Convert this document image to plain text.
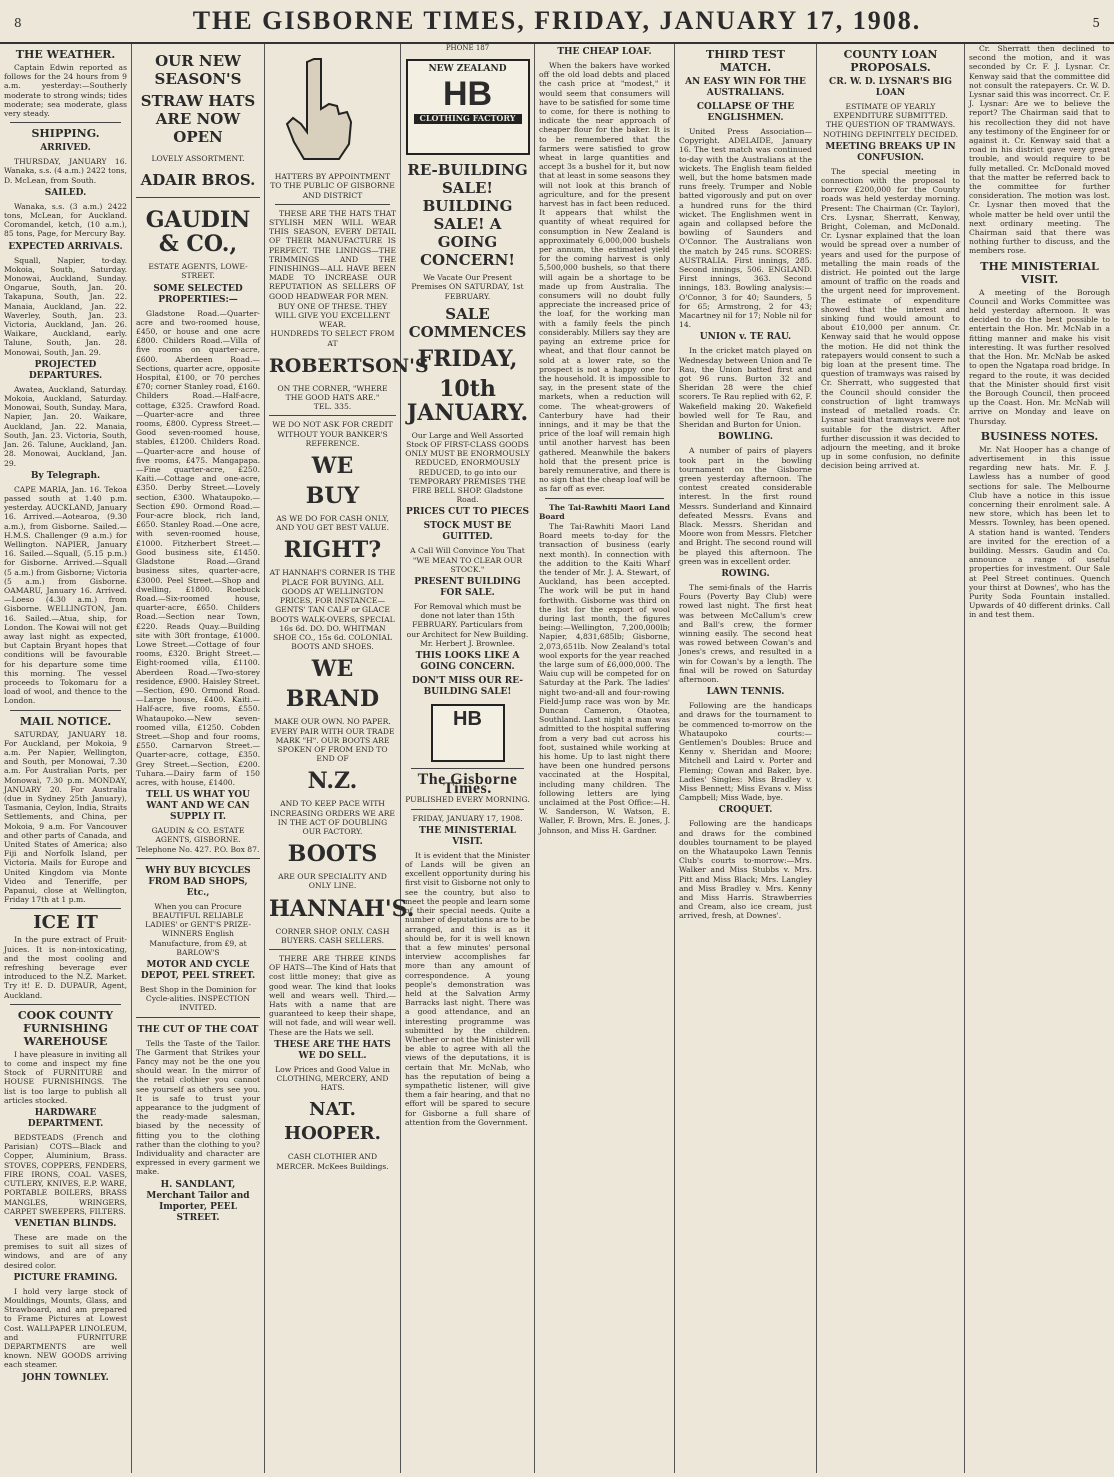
8	THE GISBORNE TIMES, FRIDAY, JANUARY 17, 1908.	5
THE WEATHER.
Captain Edwin reported as follows for the 24 hours from 9 a.m. yesterday:—Southerly moderate to strong winds; tides moderate; sea moderate, glass very steady.
SHIPPING.
ARRIVED.
THURSDAY, JANUARY 16. Wanaka, s.s. (4 a.m.) 2422 tons, D. McLean, from South.
SAILED.
Wanaka, s.s. (3 a.m.) 2422 tons, McLean, for Auckland. Coromandel, ketch, (10 a.m.), 85 tons, Page, for Mercury Bay.
EXPECTED ARRIVALS.
Squall, Napier, to-day. Mokoia, South, Saturday. Monowai, Auckland, Sunday. Ongarue, South, Jan. 20. Takapuna, South, Jan. 22. Manaia, Auckland, Jan. 22. Waverley, South, Jan. 23. Victoria, Auckland, Jan. 26. Waikare, Auckland, early. Talune, South, Jan. 28. Monowai, South, Jan. 29.
PROJECTED DEPARTURES.
Awatea, Auckland, Saturday. Mokoia, Auckland, Saturday. Monowai, South, Sunday. Mara, Napier, Jan. 20. Waikare, Auckland, Jan. 22. Manaia, South, Jan. 23. Victoria, South, Jan. 26. Talune, Auckland, Jan. 28. Monowai, Auckland, Jan. 29.
By Telegraph.
CAPE MARIA, Jan. 16. Tekoa passed south at 1.40 p.m. yesterday. AUCKLAND, January 16. Arrived.—Aotearoa, (9.30 a.m.), from Gisborne. Sailed.—H.M.S. Challenger (9 a.m.) for Wellington. NAPIER, January 16. Sailed.—Squall, (5.15 p.m.) for Gisborne. Arrived.—Squall (5 a.m.) from Gisborne; Victoria (5 a.m.) from Gisborne. OAMARU, January 16. Arrived.—Loeso (4.30 a.m.) from Gisborne. WELLINGTON, Jan. 16. Sailed.—Atua, ship, for London. The Kowai will not get away last night as expected, but Captain Bryant hopes that conditions will be favourable for his departure some time this morning. The vessel proceeds to Tokomaru for a load of wool, and thence to the London.
MAIL NOTICE.
SATURDAY, JANUARY 18. For Auckland, per Mokoia, 9 a.m. Per Napier, Wellington, and South, per Monowai, 7.30 a.m. For Australian Ports, per Monowai, 7.30 p.m. MONDAY, JANUARY 20. For Australia (due in Sydney 25th January), Tasmania, Ceylon, India, Straits Settlements, and China, per Mokoia, 9 a.m. For Vancouver and other parts of Canada, and United States of America; also Fiji and Norfolk Island, per Victoria. Mails for Europe and United Kingdom via Monte Video and Teneriffe, per Papanui, close at Wellington, Friday 17th at 1 p.m.
ICE IT
In the pure extract of Fruit-Juices. It is non-intoxicating, and the most cooling and refreshing beverage ever introduced to the N.Z. Market. Try it! E. D. DUPAUR, Agent, Auckland.
COOK COUNTY FURNISHING WAREHOUSE
I have pleasure in inviting all to come and inspect my fine Stock of FURNITURE and HOUSE FURNISHINGS. The list is too large to publish all articles stocked.
HARDWARE DEPARTMENT.
BEDSTEADS (French and Parisian) COTS—Black and Copper, Aluminium, Brass. STOVES, COPPERS, FENDERS, FIRE IRONS, COAL VASES, CUTLERY, KNIVES, E.P. WARE, PORTABLE BOILERS, BRASS MANGLES, WRINGERS, CARPET SWEEPERS, FILTERS.
VENETIAN BLINDS.
These are made on the premises to suit all sizes of windows, and are of any desired color.
PICTURE FRAMING.
I hold very large stock of Mouldings, Mounts, Glass, and Strawboard, and am prepared to Frame Pictures at Lowest Cost. WALLPAPER LINOLEUM, and FURNITURE DEPARTMENTS are well known. NEW GOODS arriving each steamer.
JOHN TOWNLEY.
OUR NEW SEASON'S
STRAW HATS ARE NOW OPEN
LOVELY ASSORTMENT.
ADAIR BROS.
GAUDIN & CO.,
ESTATE AGENTS, LOWE-STREET.
SOME SELECTED PROPERTIES:—
Gladstone Road.—Quarter-acre and two-roomed house, £450, or house and one acre £800. Childers Road.—Villa of five rooms on quarter-acre, £600. Aberdeen Road.—Sections, quarter acre, opposite Hospital, £100, or 70 perches £70; corner Stanley road, £160. Childers Road.—Half-acre, cottage, £325. Crawford Road.—Quarter-acre and three rooms, £800. Cypress Street.—Good seven-roomed house, stables, £1200. Childers Road.—Quarter-acre and house of five rooms, £475. Mangapapa.—Fine quarter-acre, £250. Kaiti.—Cottage and one-acre, £350. Derby Street.—Lovely section, £300. Whataupoko.—Section £90. Ormond Road.—Four-acre block, rich land, £650. Stanley Road.—One acre, with seven-roomed house, £1000. Fitzherbert Street.—Good business site, £1450. Gladstone Road.—Grand business sites, quarter-acre, £3000. Peel Street.—Shop and dwelling, £1800. Roebuck Road.—Six-roomed house, quarter-acre, £650. Childers Road.—Section near Town, £220. Reads Quay.—Building site with 30ft frontage, £1000. Lowe Street.—Cottage of four rooms, £320. Bright Street.—Eight-roomed villa, £1100. Aberdeen Road.—Two-storey residence, £900. Haisley Street.—Section, £90. Ormond Road.—Large house, £400. Kaiti.—Half-acre, five rooms, £550. Whataupoko.—New seven-roomed villa, £1250. Cobden Street.—Shop and four rooms, £550. Carnarvon Street.—Quarter-acre, cottage, £350. Grey Street.—Section, £200. Tuhara.—Dairy farm of 150 acres, with house, £1400.
TELL US WHAT YOU WANT AND WE CAN SUPPLY IT.
GAUDIN & CO. ESTATE AGENTS, GISBORNE. Telephone No. 427. P.O. Box 87.
WHY BUY BICYCLES FROM BAD SHOPS, Etc.,
When you can Procure BEAUTIFUL RELIABLE LADIES' or GENT'S PRIZE-WINNERS English Manufacture, from £9, at BARLOW'S
MOTOR AND CYCLE DEPOT, PEEL STREET.
Best Shop in the Dominion for Cycle-alities. INSPECTION INVITED.
THE CUT OF THE COAT
Tells the Taste of the Tailor. The Garment that Strikes your Fancy may not be the one you should wear. In the mirror of the retail clothier you cannot see yourself as others see you. It is safe to trust your appearance to the judgment of the ready-made salesman, biased by the necessity of fitting you to the clothing rather than the clothing to you? Individuality and character are expressed in every garment we make.
H. SANDLANT, Merchant Tailor and Importer, PEEL STREET.
HATTERS BY APPOINTMENT TO THE PUBLIC OF GISBORNE AND DISTRICT
THESE ARE THE HATS THAT STYLISH MEN WILL WEAR THIS SEASON, EVERY DETAIL OF THEIR MANUFACTURE IS PERFECT. THE LININGS—THE TRIMMINGS AND THE FINISHINGS—ALL HAVE BEEN MADE TO INCREASE OUR REPUTATION AS SELLERS OF GOOD HEADWEAR FOR MEN.
BUY ONE OF THESE. THEY WILL GIVE YOU EXCELLENT WEAR.
HUNDREDS TO SELECT FROM AT
ROBERTSON'S
ON THE CORNER, "WHERE THE GOOD HATS ARE."
TEL. 335.
WE DO NOT ASK FOR CREDIT WITHOUT YOUR BANKER'S REFERENCE.
WE
BUY
AS WE DO FOR CASH ONLY, AND YOU GET BEST VALUE.
RIGHT?
AT HANNAH'S CORNER IS THE PLACE FOR BUYING. ALL GOODS AT WELLINGTON PRICES, FOR INSTANCE— GENTS' TAN CALF or GLACE BOOTS WALK-OVERS, SPECIAL 16s 6d. DO. DO. WHITMAN SHOE CO., 15s 6d. COLONIAL BOOTS AND SHOES.
WE
BRAND
MAKE OUR OWN. NO PAPER. EVERY PAIR WITH OUR TRADE MARK "H". OUR BOOTS ARE SPOKEN OF FROM END TO END OF
N.Z.
AND TO KEEP PACE WITH INCREASING ORDERS WE ARE IN THE ACT OF DOUBLING OUR FACTORY.
BOOTS
ARE OUR SPECIALITY AND ONLY LINE.
HANNAH'S.
CORNER SHOP. ONLY. CASH BUYERS. CASH SELLERS.
THERE ARE THREE KINDS OF HATS—The Kind of Hats that cost little money; that give as good wear. The kind that looks well and wears well. Third.—Hats with a name that are guaranteed to keep their shape, will not fade, and will wear well. These are the Hats we sell.
THESE ARE THE HATS WE DO SELL.
Low Prices and Good Value in CLOTHING, MERCERY, AND HATS.
NAT. HOOPER.
CASH CLOTHIER AND MERCER. McKees Buildings.
PHONE 187
NEW ZEALAND
HB
CLOTHING FACTORY
RE-BUILDING SALE! BUILDING SALE! A GOING CONCERN!
We Vacate Our Present Premises ON SATURDAY, 1st FEBRUARY.
SALE COMMENCES
FRIDAY,
10th JANUARY.
Our Large and Well Assorted Stock OF FIRST-CLASS GOODS ONLY MUST BE ENORMOUSLY REDUCED, ENORMOUSLY REDUCED, to go into our TEMPORARY PREMISES THE FIRE BELL SHOP. Gladstone Road.
PRICES CUT TO PIECES
STOCK MUST BE GUITTED.
A Call Will Convince You That "WE MEAN TO CLEAR OUR STOCK."
PRESENT BUILDING FOR SALE.
For Removal which must be done not later than 15th FEBRUARY. Particulars from our Architect for New Building. Mr. Herbert J. Brownlee.
THIS LOOKS LIKE A GOING CONCERN.
DON'T MISS OUR RE-BUILDING SALE!
HB
The Gisborne Times.
PUBLISHED EVERY MORNING.
FRIDAY, JANUARY 17, 1908.
THE MINISTERIAL VISIT.
It is evident that the Minister of Lands will be given an excellent opportunity during his first visit to Gisborne not only to see the country, but also to meet the people and learn some of their special needs. Quite a number of deputations are to be arranged, and this is as it should be, for it is well known that a few minutes' personal interview accomplishes far more than any amount of correspondence. A young people's demonstration was held at the Salvation Army Barracks last night. There was a good attendance, and an interesting programme was submitted by the children. Whether or not the Minister will be able to agree with all the views of the deputations, it is certain that Mr. McNab, who has the reputation of being a sympathetic listener, will give them a fair hearing, and that no effort will be spared to secure for Gisborne a full share of attention from the Government.
THE CHEAP LOAF.
When the bakers have worked off the old load debts and placed the cash price at "modest," it would seem that consumers will have to be satisfied for some time to come, for there is nothing to indicate the near approach of cheaper flour for the baker. It is to be remembered that the farmers were satisfied to grow wheat in large quantities and accept 3s a bushel for it, but now that at least in some seasons they will not look at this branch of agriculture, and for the present harvest has in fact been reduced. It appears that whilst the quantity of wheat required for consumption in New Zealand is approximately 6,000,000 bushels per annum, the estimated yield for the coming harvest is only 5,500,000 bushels, so that there will again be a shortage to be made up from Australia. The consumers will no doubt fully appreciate the increased price of the loaf, for the working man with a family feels the pinch considerably. Millers say they are paying an extreme price for wheat, and that flour cannot be sold at a lower rate, so the prospect is not a happy one for the household. It is impossible to say, in the present state of the markets, when a reduction will come. The wheat-growers of Canterbury have had their innings, and it may be that the price of the loaf will remain high until another harvest has been gathered. Meanwhile the bakers hold that the present price is barely remunerative, and there is no sign that the cheap loaf will be as far off as ever.
The Tai-Rawhiti Maori Land Board
The Tai-Rawhiti Maori Land Board meets to-day for the transaction of business (early next month). In connection with the addition to the Kaiti Wharf the tender of Mr. J. A. Stewart, of Auckland, has been accepted. The work will be put in hand forthwith. Gisborne was third on the list for the export of wool during last month, the figures being:—Wellington, 7,200,000lb; Napier, 4,831,685lb; Gisborne, 2,073,651lb. Now Zealand's total wool exports for the year reached the large sum of £6,000,000. The Waiu cup will be competed for on Saturday at the Park. The ladies' night two-and-all and four-rowing Field-Jump race was won by Mr. Duncan Cameron, Otaotea, Southland. Last night a man was admitted to the hospital suffering from a very bad cut across his foot, sustained while working at his home. Up to last night there have been one hundred persons vaccinated at the Hospital, including many children. The following letters are lying unclaimed at the Post Office:—H. W. Sanderson, W. Watson, E. Waller, F. Brown, Mrs. E. Jones, J. Johnson, and Miss H. Gardner.
THIRD TEST MATCH.
AN EASY WIN FOR THE AUSTRALIANS.
COLLAPSE OF THE ENGLISHMEN.
United Press Association—Copyright. ADELAIDE, January 16. The test match was continued to-day with the Australians at the wickets. The English team fielded well, but the home batsmen made runs freely. Trumper and Noble batted vigorously and put on over a hundred runs for the third wicket. The Englishmen went in again and collapsed before the bowling of Saunders and O'Connor. The Australians won the match by 245 runs. SCORES: AUSTRALIA. First innings, 285. Second innings, 506. ENGLAND. First innings, 363. Second innings, 183. Bowling analysis:—O'Connor, 3 for 40; Saunders, 5 for 65; Armstrong, 2 for 43; Macartney nil for 17; Noble nil for 14.
UNION v. TE RAU.
In the cricket match played on Wednesday between Union and Te Rau, the Union batted first and got 96 runs. Burton 32 and Sheridan 28 were the chief scorers. Te Rau replied with 62, F. Wakefield making 20. Wakefield bowled well for Te Rau, and Sheridan and Burton for Union.
BOWLING.
A number of pairs of players took part in the bowling tournament on the Gisborne green yesterday afternoon. The contest created considerable interest. In the first round Messrs. Sunderland and Kinnaird defeated Messrs. Evans and Black. Messrs. Sheridan and Moore won from Messrs. Fletcher and Bright. The second round will be played this afternoon. The green was in excellent order.
ROWING.
The semi-finals of the Harris Fours (Poverty Bay Club) were rowed last night. The first heat was between McCallum's crew and Ball's crew, the former winning easily. The second heat was rowed between Cowan's and Jones's crews, and resulted in a win for Cowan's by a length. The final will be rowed on Saturday afternoon.
LAWN TENNIS.
Following are the handicaps and draws for the tournament to be commenced to-morrow on the Whataupoko courts:—Gentlemen's Doubles: Bruce and Kenny v. Sheridan and Moore; Mitchell and Laird v. Porter and Fleming; Cowan and Baker, bye. Ladies' Singles: Miss Bradley v. Miss Bennett; Miss Evans v. Miss Campbell; Miss Wade, bye.
CROQUET.
Following are the handicaps and draws for the combined doubles tournament to be played on the Whataupoko Lawn Tennis Club's courts to-morrow:—Mrs. Walker and Miss Stubbs v. Mrs. Pitt and Miss Black; Mrs. Langley and Miss Bradley v. Mrs. Kenny and Miss Harris. Strawberries and Cream, also ice cream, just arrived, fresh, at Downes'.
COUNTY LOAN PROPOSALS.
CR. W. D. LYSNAR'S BIG LOAN
ESTIMATE OF YEARLY EXPENDITURE SUBMITTED.
THE QUESTION OF TRAMWAYS.
NOTHING DEFINITELY DECIDED.
MEETING BREAKS UP IN CONFUSION.
The special meeting in connection with the proposal to borrow £200,000 for the County roads was held yesterday morning. Present: The Chairman (Cr. Taylor), Crs. Lysnar, Sherratt, Kenway, Bright, Coleman, and McDonald. Cr. Lysnar explained that the loan would be spread over a number of years and used for the purpose of metalling the main roads of the district. He pointed out the large amount of traffic on the roads and the urgent need for improvement. The estimate of expenditure showed that the interest and sinking fund would amount to about £10,000 per annum. Cr. Kenway said that he would oppose the motion. He did not think the ratepayers would consent to such a big loan at the present time. The question of tramways was raised by Cr. Sherratt, who suggested that the Council should consider the construction of light tramways instead of metalled roads. Cr. Lysnar said that tramways were not suitable for the district. After further discussion it was decided to adjourn the meeting, and it broke up in some confusion, no definite decision being arrived at.
Cr. Sherratt then declined to second the motion, and it was seconded by Cr. F. J. Lysnar. Cr. Kenway said that the committee did not consult the ratepayers. Cr. W. D. Lysnar said this was incorrect. Cr. F. J. Lysnar: Are we to believe the report? The Chairman said that to his recollection they did not have any testimony of the Engineer for or against it. Cr. Kenway said that a road in his district gave very great trouble, and would require to be fully metalled. Cr. McDonald moved that the matter be referred back to the committee for further consideration. The motion was lost. Cr. Lysnar then moved that the whole matter be held over until the next ordinary meeting. The Chairman said that there was nothing further to discuss, and the members rose.
THE MINISTERIAL VISIT.
A meeting of the Borough Council and Works Committee was held yesterday afternoon. It was decided to do the best possible to entertain the Hon. Mr. McNab in a fitting manner and make his visit interesting. It was further resolved that the Hon. Mr. McNab be asked to open the Ngatapa road bridge. In regard to the route, it was decided that the Minister should first visit the Borough Council, then proceed up the Coast. Hon. Mr. McNab will arrive on Monday and leave on Thursday.
BUSINESS NOTES.
Mr. Nat Hooper has a change of advertisement in this issue regarding new hats. Mr. F. J. Lawless has a number of good sections for sale. The Melbourne Club have a notice in this issue concerning their enrolment sale. A new store, which has been let to Messrs. Townley, has been opened. A station hand is wanted. Tenders are invited for the erection of a building. Messrs. Gaudin and Co. announce a range of useful properties for investment. Our Sale at Peel Street continues. Quench your thirst at Downes', who has the Purity Soda Fountain installed. Upwards of 40 different drinks. Call in and test them.
